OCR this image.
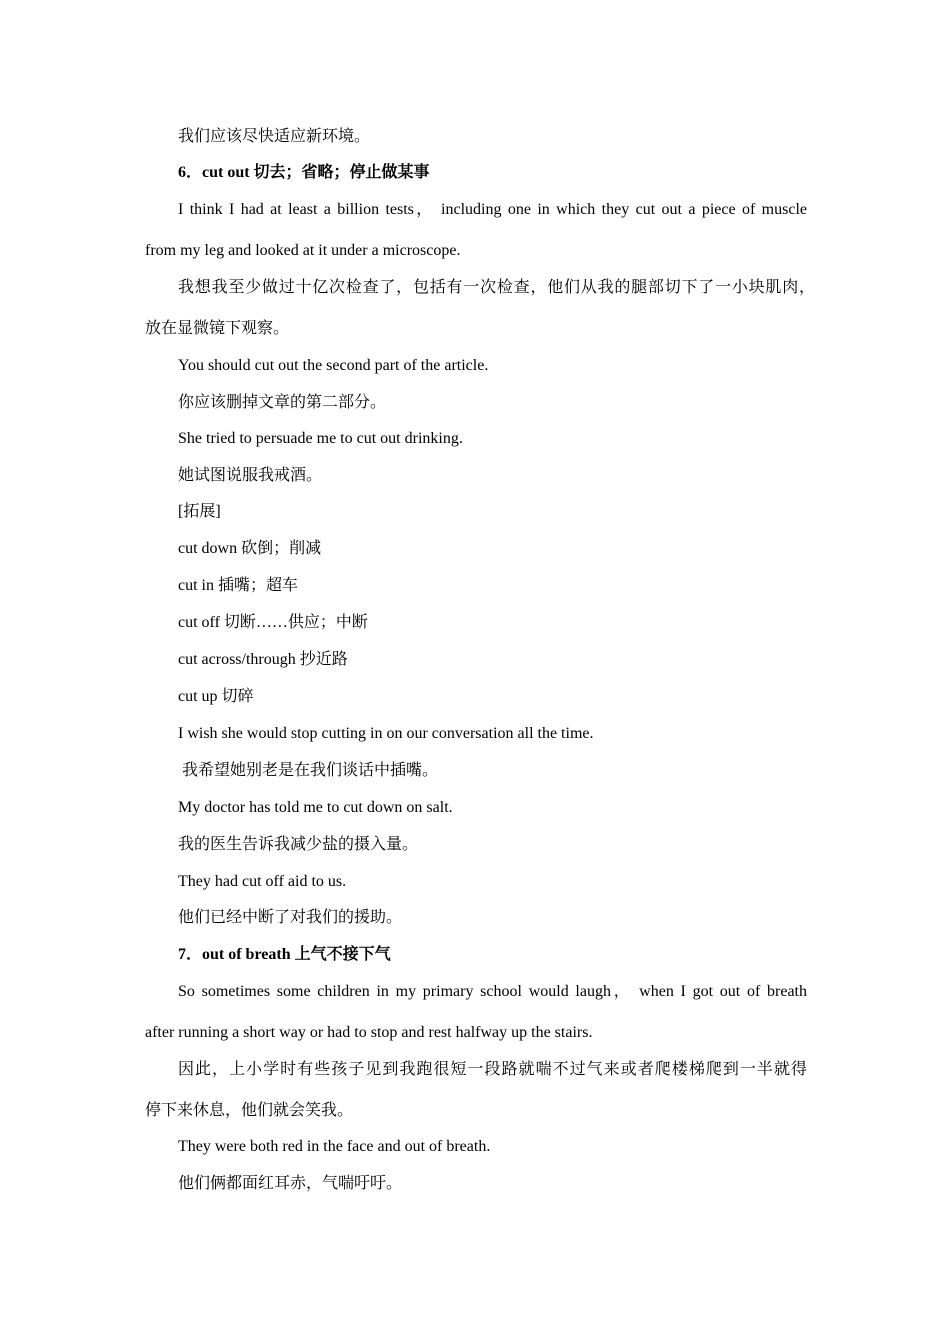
我们应该尽快适应新环境。
6．cut out 切去；省略；停止做某事
I think I had at least a billion tests， including one in which they cut out a piece of muscle
from my leg and looked at it under a microscope.
我想我至少做过十亿次检查了，包括有一次检查，他们从我的腿部切下了一小块肌肉，
放在显微镜下观察。
You should cut out the second part of the article.
你应该删掉文章的第二部分。
She tried to persuade me to cut out drinking.
她试图说服我戒酒。
[拓展]
cut down 砍倒；削减
cut in 插嘴；超车
cut off 切断……供应；中断
cut across/through 抄近路
cut up 切碎
I wish she would stop cutting in on our conversation all the time.
我希望她别老是在我们谈话中插嘴。
My doctor has told me to cut down on salt.
我的医生告诉我减少盐的摄入量。
They had cut off aid to us.
他们已经中断了对我们的援助。
7．out of breath 上气不接下气
So sometimes some children in my primary school would laugh， when I got out of breath
after running a short way or had to stop and rest halfway up the stairs.
因此，上小学时有些孩子见到我跑很短一段路就喘不过气来或者爬楼梯爬到一半就得
停下来休息，他们就会笑我。
They were both red in the face and out of breath.
他们俩都面红耳赤，气喘吁吁。
